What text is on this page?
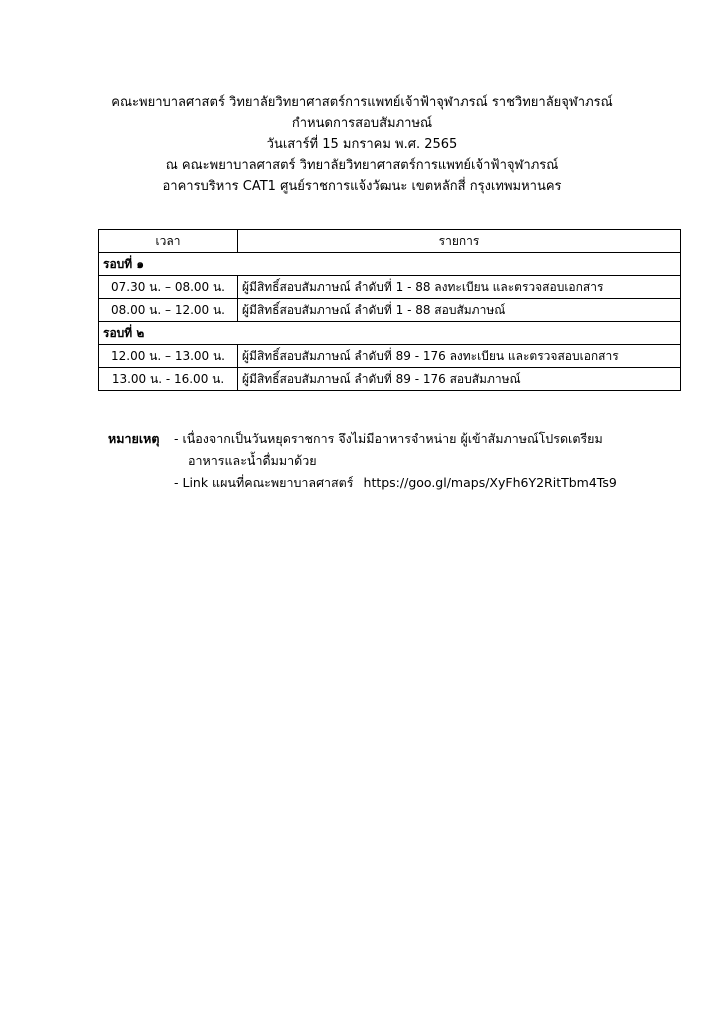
คณะพยาบาลศาสตร์ วิทยาลัยวิทยาศาสตร์การแพทย์เจ้าฟ้าจุฬาภรณ์ ราชวิทยาลัยจุฬาภรณ์
กำหนดการสอบสัมภาษณ์
วันเสาร์ที่ 15 มกราคม พ.ศ. 2565
ณ คณะพยาบาลศาสตร์ วิทยาลัยวิทยาศาสตร์การแพทย์เจ้าฟ้าจุฬาภรณ์
อาคารบริหาร CAT1 ศูนย์ราชการแจ้งวัฒนะ เขตหลักสี่ กรุงเทพมหานคร
เวลา	รายการ
รอบที่ ๑	
07.30 น. – 08.00 น.	ผู้มีสิทธิ์สอบสัมภาษณ์ ลำดับที่ 1 - 88 ลงทะเบียน และตรวจสอบเอกสาร
08.00 น. – 12.00 น.	ผู้มีสิทธิ์สอบสัมภาษณ์ ลำดับที่ 1 - 88 สอบสัมภาษณ์
รอบที่ ๒	
12.00 น. – 13.00 น.	ผู้มีสิทธิ์สอบสัมภาษณ์ ลำดับที่ 89 - 176 ลงทะเบียน และตรวจสอบเอกสาร
13.00 น. - 16.00 น.	ผู้มีสิทธิ์สอบสัมภาษณ์ ลำดับที่ 89 - 176 สอบสัมภาษณ์
หมายเหตุ	- เนื่องจากเป็นวันหยุดราชการ จึงไม่มีอาหารจำหน่าย ผู้เข้าสัมภาษณ์โปรดเตรียม
อาหารและน้ำดื่มมาด้วย
- Link แผนที่คณะพยาบาลศาสตร์ https://goo.gl/maps/XyFh6Y2RitTbm4Ts9
